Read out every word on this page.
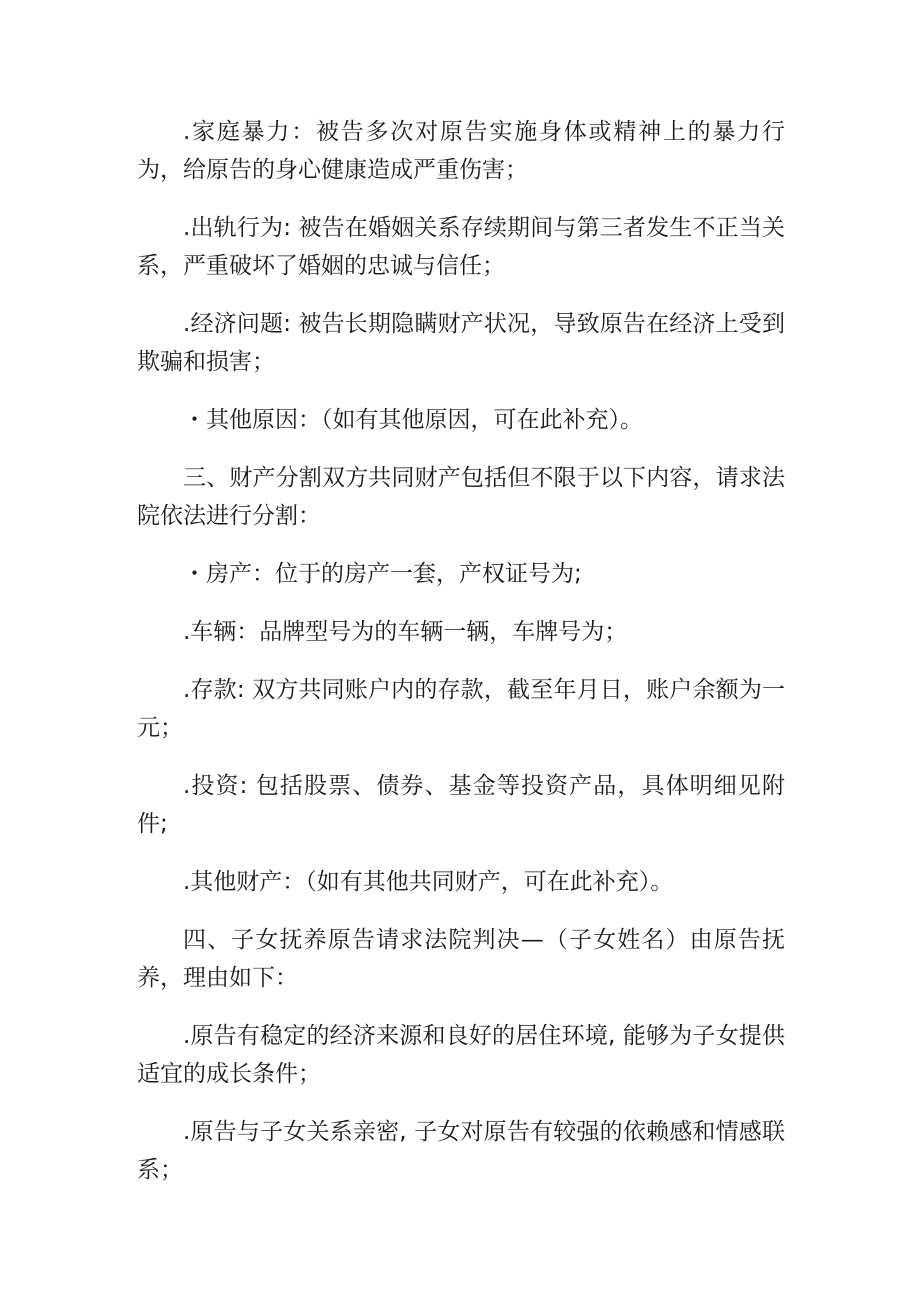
.家庭暴力：被告多次对原告实施身体或精神上的暴力行为，给原告的身心健康造成严重伤害；

.出轨行为: 被告在婚姻关系存续期间与第三者发生不正当关系，严重破坏了婚姻的忠诚与信任；

.经济问题: 被告长期隐瞒财产状况，导致原告在经济上受到欺骗和损害；

・其他原因：（如有其他原因，可在此补充）。

三、财产分割双方共同财产包括但不限于以下内容，请求法院依法进行分割：

・房产：位于的房产一套，产权证号为;

.车辆：品牌型号为的车辆一辆，车牌号为；

.存款: 双方共同账户内的存款，截至年月日，账户余额为一元；

.投资: 包括股票、债券、基金等投资产品，具体明细见附件;

.其他财产：（如有其他共同财产，可在此补充）。

四、子女抚养原告请求法院判决—（子女姓名）由原告抚养，理由如下：

.原告有稳定的经济来源和良好的居住环境, 能够为子女提供适宜的成长条件；

.原告与子女关系亲密, 子女对原告有较强的依赖感和情感联系；
